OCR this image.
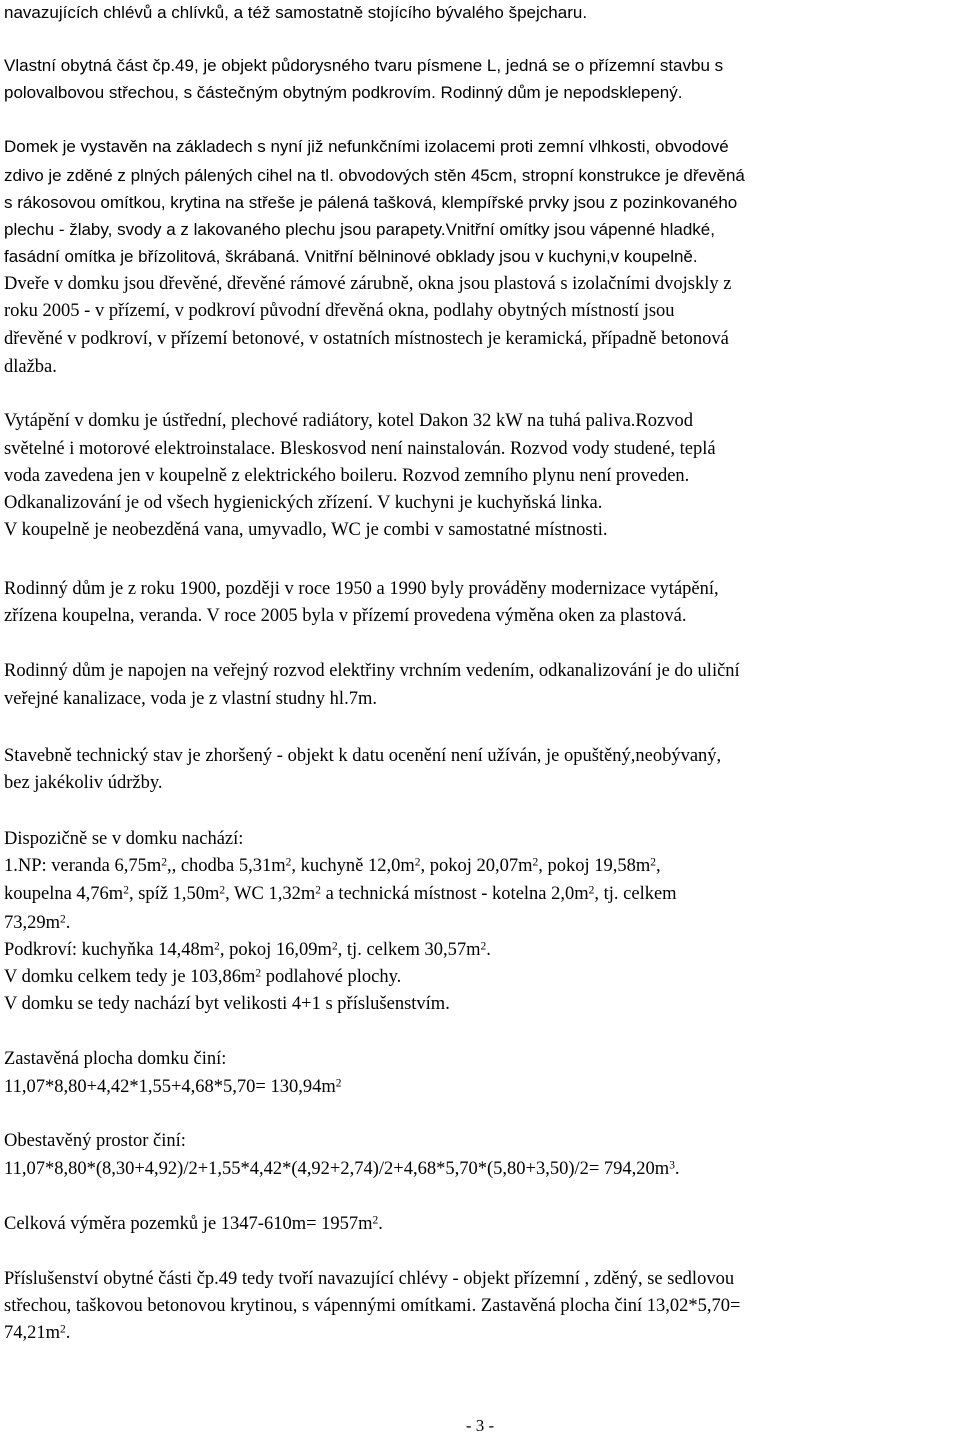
navazujících chlévů a chlívků, a též samostatně stojícího bývalého špejcharu.
Vlastní obytná část čp.49, je objekt půdorysného tvaru písmene L, jedná se o přízemní stavbu s
polovalbovou střechou, s částečným obytným podkrovím. Rodinný dům je nepodsklepený.
Domek je vystavěn na základech s nyní již nefunkčními izolacemi proti zemní vlhkosti, obvodové
zdivo je zděné z plných pálených cihel na tl. obvodových stěn 45cm, stropní konstrukce je dřevěná
s rákosovou omítkou, krytina na střeše je pálená tašková, klempířské prvky jsou z pozinkovaného
plechu - žlaby, svody a z lakovaného plechu jsou parapety.Vnitřní omítky jsou vápenné hladké,
fasádní omítka je břízolitová, škrábaná. Vnitřní bělninové obklady jsou v kuchyni,v koupelně.
Dveře v domku jsou dřevěné, dřevěné rámové zárubně, okna jsou plastová s izolačními dvojskly z
roku 2005 - v přízemí, v podkroví původní dřevěná okna, podlahy obytných místností jsou
dřevěné v podkroví, v přízemí betonové, v ostatních místnostech je keramická, případně betonová
dlažba.
Vytápění v domku je ústřední, plechové radiátory, kotel Dakon 32 kW na tuhá paliva.Rozvod
světelné i motorové elektroinstalace. Bleskosvod není nainstalován. Rozvod vody studené, teplá
voda zavedena jen v koupelně z elektrického boileru. Rozvod zemního plynu není proveden.
Odkanalizování je od všech hygienických zřízení. V kuchyni je kuchyňská linka.
V koupelně je neobezděná vana, umyvadlo, WC je combi v samostatné místnosti.
Rodinný dům je z roku 1900, později v roce 1950 a 1990 byly prováděny modernizace vytápění,
zřízena koupelna, veranda. V roce 2005 byla v přízemí provedena výměna oken za plastová.
Rodinný dům je napojen na veřejný rozvod elektřiny vrchním vedením, odkanalizování je do uliční
veřejné kanalizace, voda je z vlastní studny hl.7m.
Stavebně technický stav je zhoršený - objekt k datu ocenění není užíván, je opuštěný,neobývaný,
bez jakékoliv údržby.
Dispozičně se v domku nachází:
1.NP: veranda $6,75m^2$,, chodba $5,31m^2$, kuchyně $12,0m^2$, pokoj $20,07m^2$, pokoj $19,58m^2$,
koupelna $4,76m^2$, spíž $1,50m^2$, WC $1,32m^2$ a technická místnost - kotelna $2,0m^2$, tj. celkem
$73,29m^2$.
Podkroví: kuchyňka $14,48m^2$, pokoj $16,09m^2$, tj. celkem $30,57m^2$.
V domku celkem tedy je $103,86m^2$ podlahové plochy.
V domku se tedy nachází byt velikosti 4+1 s příslušenstvím.
Zastavěná plocha domku činí:
$11,07*8,80+4,42*1,55+4,68*5,70= 130,94m^2$
Obestavěný prostor činí:
$11,07*8,80*(8,30+4,92)/2+1,55*4,42*(4,92+2,74)/2+4,68*5,70*(5,80+3,50)/2= 794,20m^3$.
Celková výměra pozemků je $1347-610m= 1957m^2$.
Příslušenství obytné části čp.49 tedy tvoří navazující chlévy - objekt přízemní , zděný, se sedlovou
střechou, taškovou betonovou krytinou, s vápennými omítkami. Zastavěná plocha činí 13,02*5,70=
$74,21m^2$.
- 3 -
